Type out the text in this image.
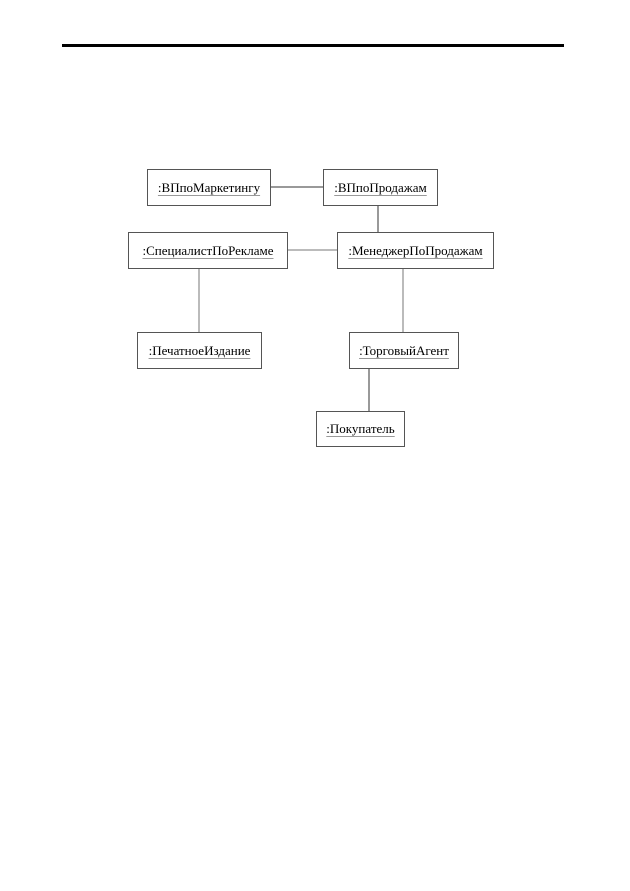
:ВПпоМаркетингу	:ВПпоПродажам
:СпециалистПоРекламе	:МенеджерПоПродажам
:ПечатноеИздание	:ТорговыйАгент
:Покупатель
